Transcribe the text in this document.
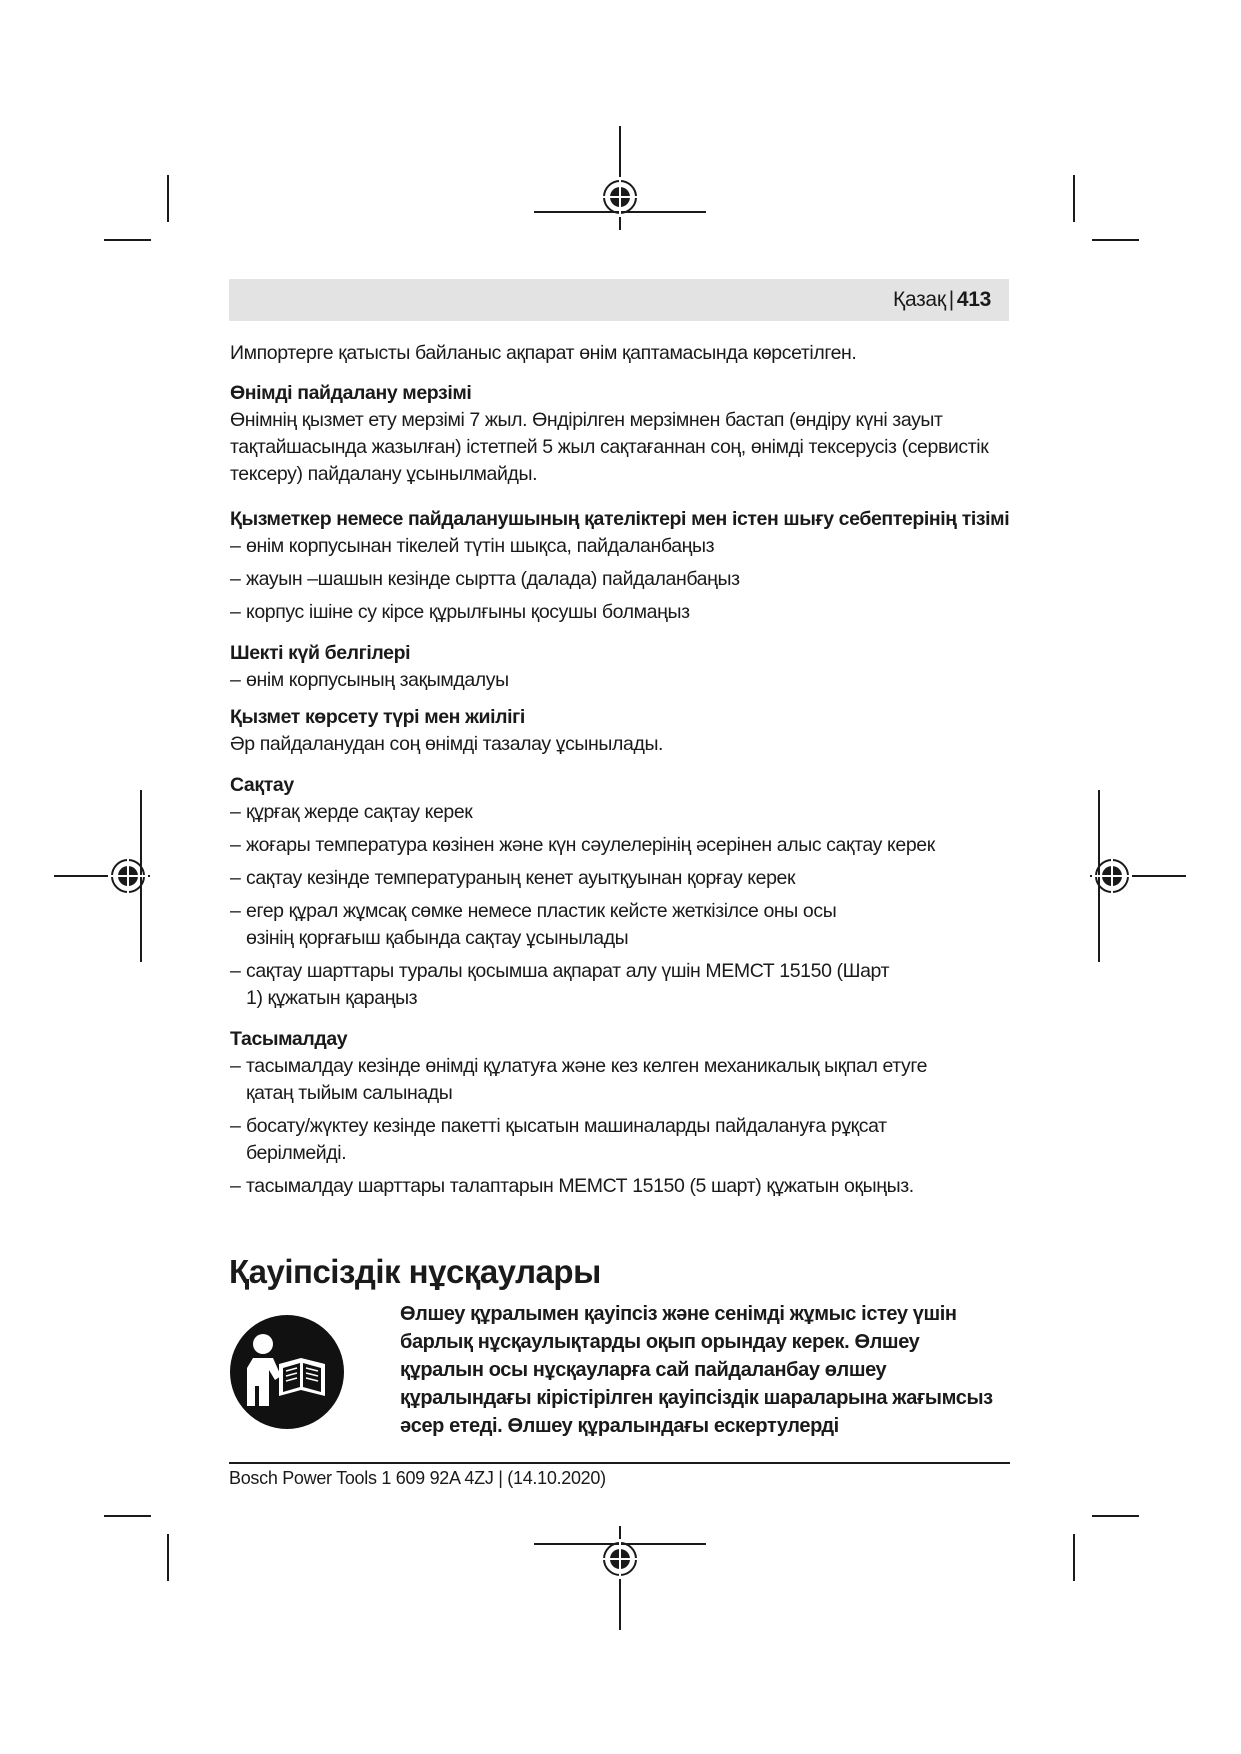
Қазақ | 413

Импортерге қатысты байланыс ақпарат өнім қаптамасында көрсетілген.

Өнімді пайдалану мерзімі

Өнімнің қызмет ету мерзімі 7 жыл. Өндірілген мерзімнен бастап (өндіру күні зауыт тақтайшасында жазылған) істетпей 5 жыл сақтағаннан соң, өнімді тексерусіз (сервистік тексеру) пайдалану ұсынылмайды.

Қызметкер немесе пайдаланушының қателіктері мен істен шығу себептерінің тізімі

– өнім корпусынан тікелей түтін шықса, пайдаланбаңыз
– жауын –шашын кезінде сыртта (далада) пайдаланбаңыз
– корпус ішіне су кірсе құрылғыны қосушы болмаңыз

Шекті күй белгілері

– өнім корпусының зақымдалуы

Қызмет көрсету түрі мен жиілігі

Әр пайдаланудан соң өнімді тазалау ұсынылады.

Сақтау

– құрғақ жерде сақтау керек
– жоғары температура көзінен және күн сәулелерінің әсерінен алыс сақтау керек
– сақтау кезінде температураның кенет ауытқуынан қорғау керек
– егер құрал жұмсақ сөмке немесе пластик кейсте жеткізілсе оны осы өзінің қорғағыш қабында сақтау ұсынылады
– сақтау шарттары туралы қосымша ақпарат алу үшін МЕМСТ 15150 (Шарт 1) құжатын қараңыз

Тасымалдау

– тасымалдау кезінде өнімді құлатуға және кез келген механикалық ықпал етуге қатаң тыйым салынады
– босату/жүктеу кезінде пакетті қысатын машиналарды пайдалануға рұқсат берілмейді.
– тасымалдау шарттары талаптарын МЕМСТ 15150 (5 шарт) құжатын оқыңыз.
Қауіпсіздік нұсқаулары
Өлшеу құралымен қауіпсіз және сенімді жұмыс істеу үшін барлық нұсқаулықтарды оқып орындау керек. Өлшеу құралын осы нұсқауларға сай пайдаланбау өлшеу құралындағы кірістірілген қауіпсіздік шараларына жағымсыз әсер етеді. Өлшеу құралындағы ескертулерді
Bosch Power Tools 1 609 92A 4ZJ | (14.10.2020)
